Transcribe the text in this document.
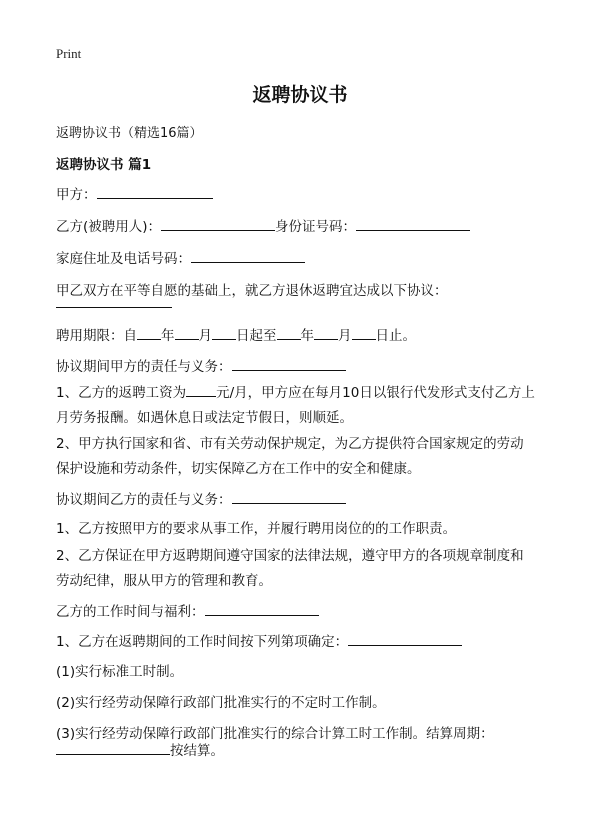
Print
返聘协议书
返聘协议书（精选16篇）
返聘协议书 篇1
甲方：
乙方(被聘用人)：	身份证号码：
家庭住址及电话号码：
甲乙双方在平等自愿的基础上，就乙方退休返聘宜达成以下协议：
聘用期限：自 年 月 日起至 年 月 日止。
协议期间甲方的责任与义务：
1、乙方的返聘工资为 元/月，甲方应在每月10日以银行代发形式支付乙方上月劳务报酬。如遇休息日或法定节假日，则顺延。
2、甲方执行国家和省、市有关劳动保护规定，为乙方提供符合国家规定的劳动保护设施和劳动条件，切实保障乙方在工作中的安全和健康。
协议期间乙方的责任与义务：
1、乙方按照甲方的要求从事工作，并履行聘用岗位的的工作职责。
2、乙方保证在甲方返聘期间遵守国家的法律法规，遵守甲方的各项规章制度和劳动纪律，服从甲方的管理和教育。
乙方的工作时间与福利：
1、乙方在返聘期间的工作时间按下列第项确定：
(1)实行标准工时制。
(2)实行经劳动保障行政部门批准实行的不定时工作制。
(3)实行经劳动保障行政部门批准实行的综合计算工时工作制。结算周期：
按结算。
